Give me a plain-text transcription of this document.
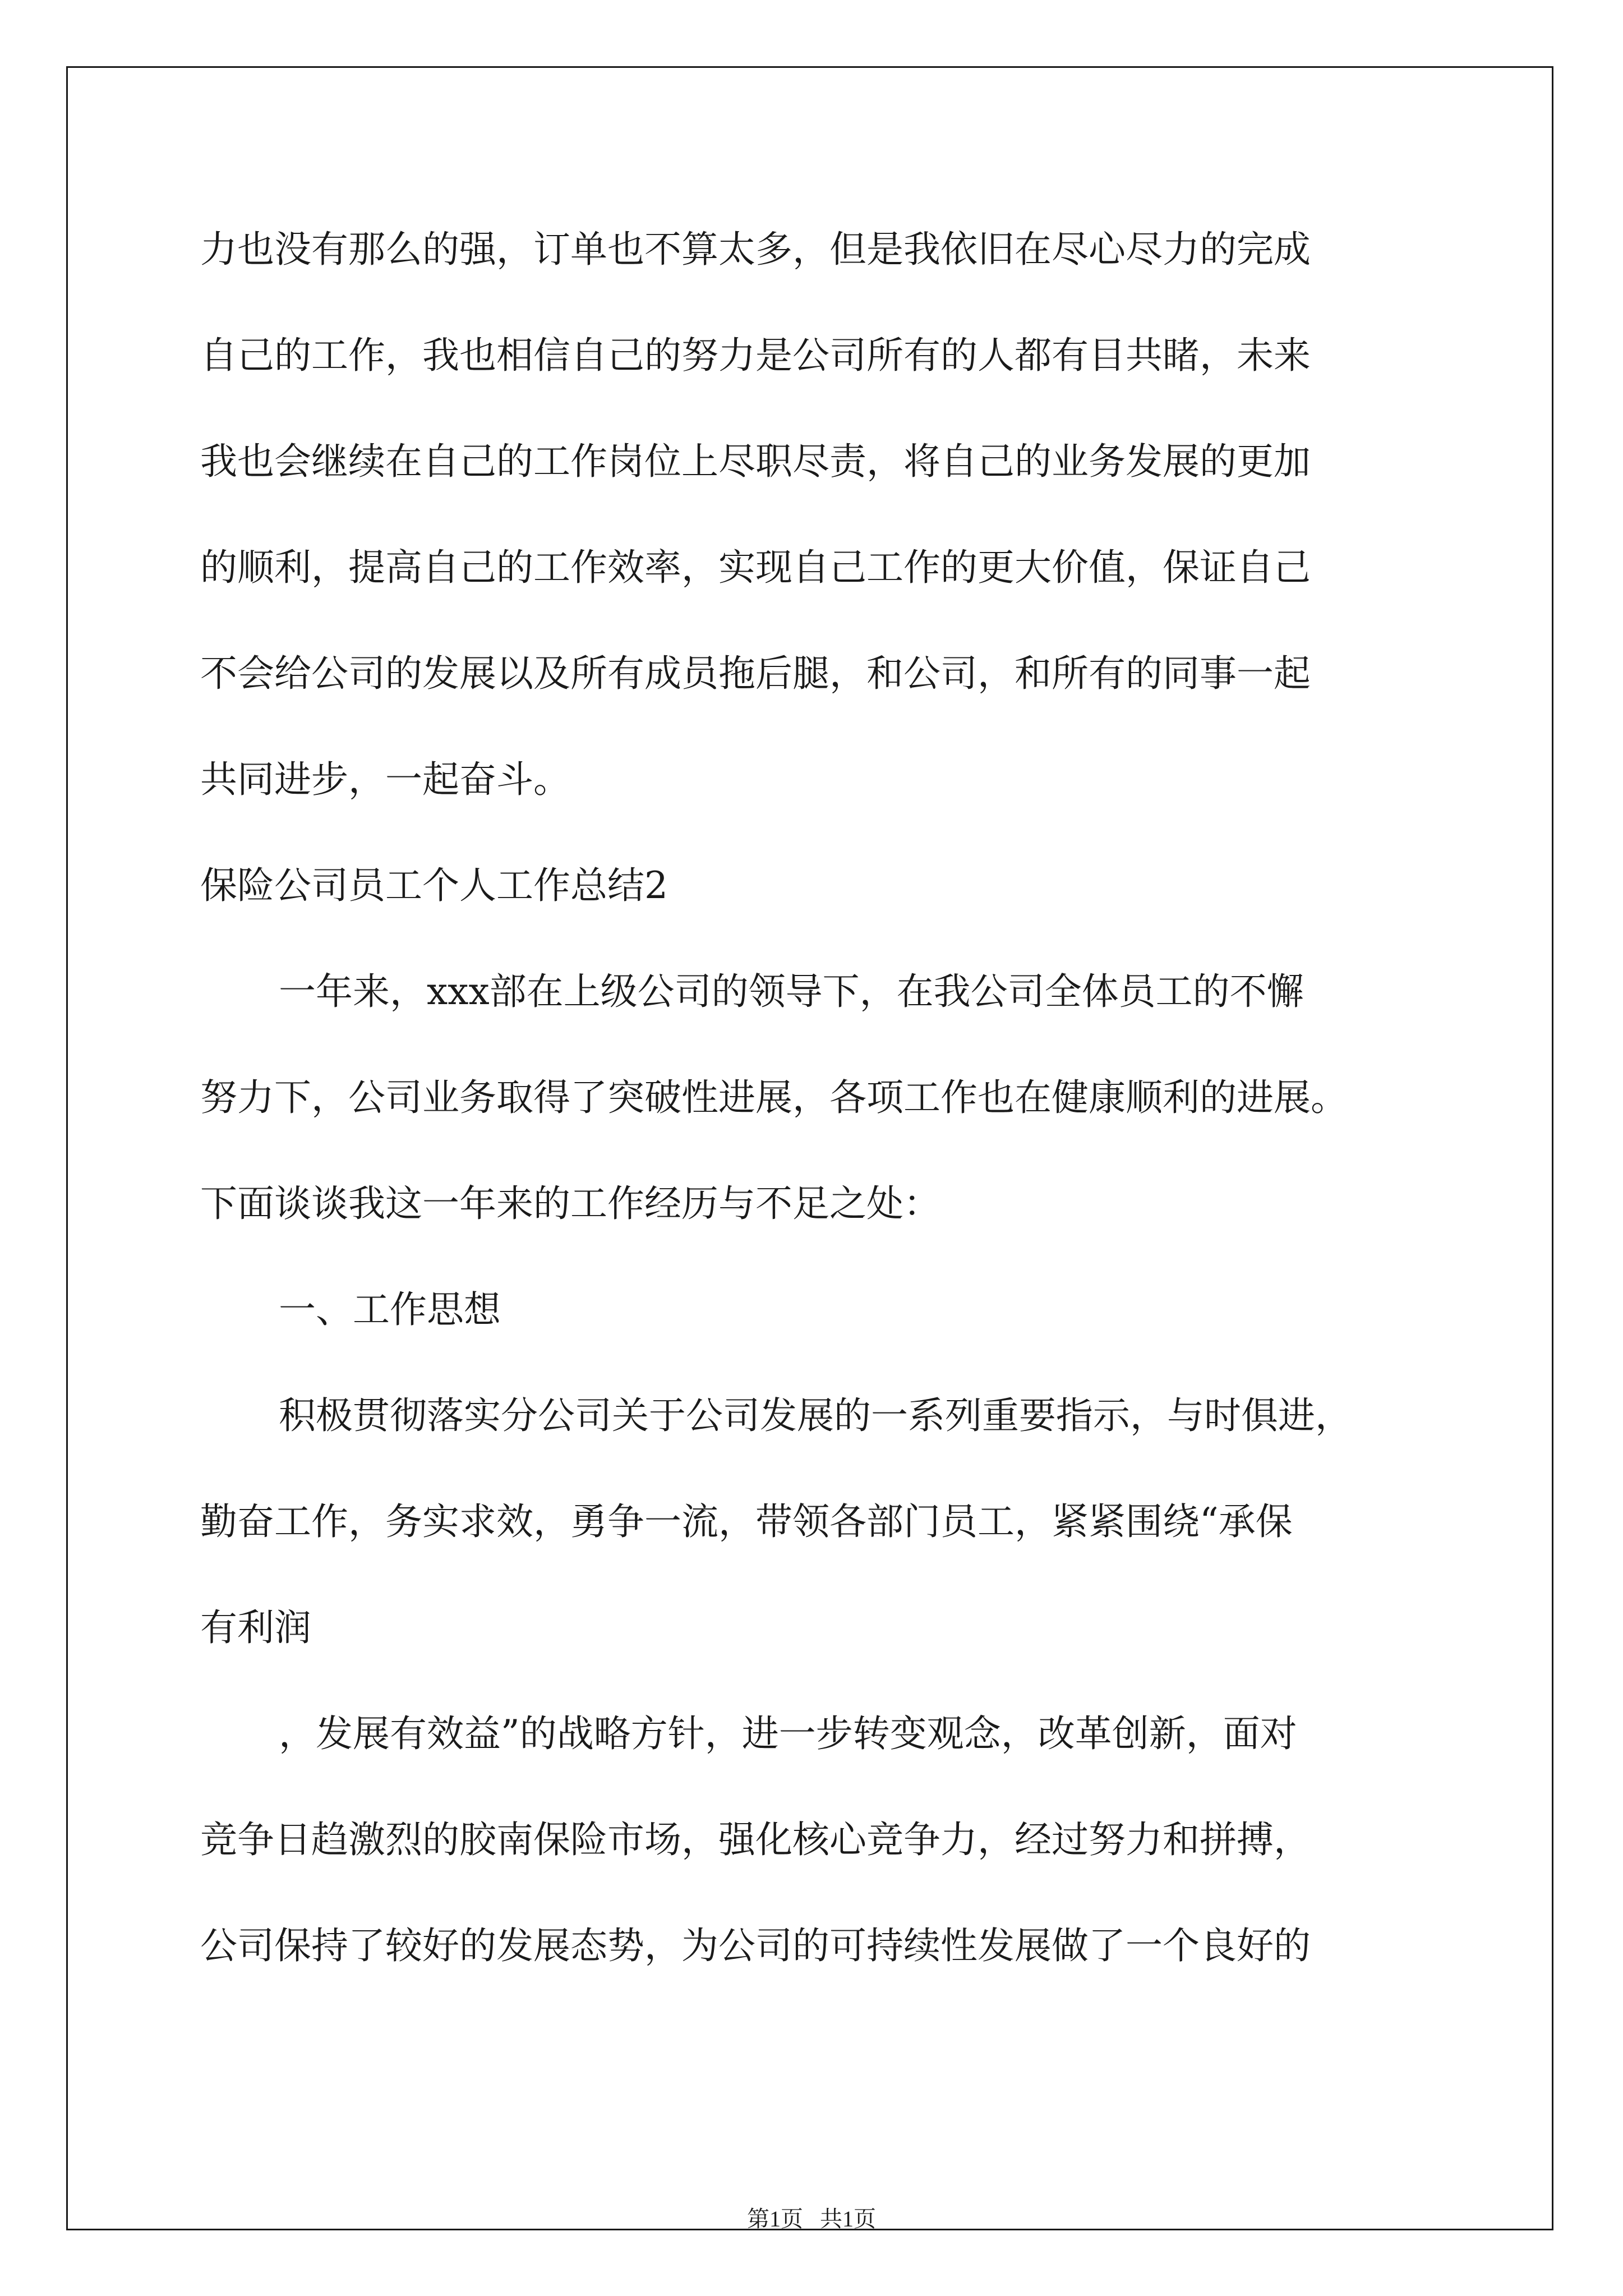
力也没有那么的强，订单也不算太多，但是我依旧在尽心尽力的完成

自己的工作，我也相信自己的努力是公司所有的人都有目共睹，未来

我也会继续在自己的工作岗位上尽职尽责，将自己的业务发展的更加

的顺利，提高自己的工作效率，实现自己工作的更大价值，保证自己

不会给公司的发展以及所有成员拖后腿，和公司，和所有的同事一起

共同进步，一起奋斗。

保险公司员工个人工作总结2

一年来，xxx部在上级公司的领导下，在我公司全体员工的不懈

努力下，公司业务取得了突破性进展，各项工作也在健康顺利的进展。

下面谈谈我这一年来的工作经历与不足之处：

一、工作思想

积极贯彻落实分公司关于公司发展的一系列重要指示，与时俱进，

勤奋工作，务实求效，勇争一流，带领各部门员工，紧紧围绕“承保

有利润

，发展有效益”的战略方针，进一步转变观念，改革创新，面对

竞争日趋激烈的胶南保险市场，强化核心竞争力，经过努力和拼搏，

公司保持了较好的发展态势，为公司的可持续性发展做了一个良好的

第1页   共1页
